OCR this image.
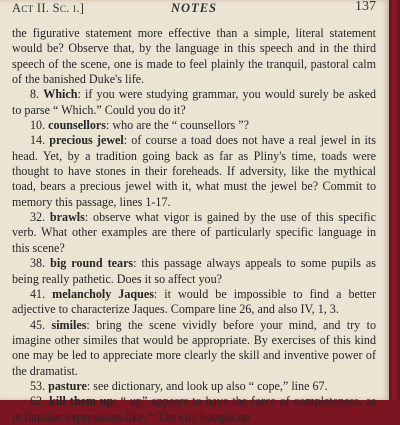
Act II. Sc. i.]	NOTES	137

the figurative statement more effective than a simple, literal statement would be? Observe that, by the language in this speech and in the third speech of the scene, one is made to feel plainly the tranquil, pastoral calm of the banished Duke's life.

8. Which: if you were studying grammar, you would surely be asked to parse “ Which.” Could you do it?

10. counsellors: who are the “ counsellors ”?

14. precious jewel: of course a toad does not have a real jewel in its head. Yet, by a tradition going back as far as Pliny's time, toads were thought to have stones in their foreheads. If adversity, like the mythical toad, bears a precious jewel with it, what must the jewel be? Commit to memory this passage, lines 1-17.

32. brawls: observe what vigor is gained by the use of this specific verb. What other examples are there of particularly specific language in this scene?

38. big round tears: this passage always appeals to some pupils as being really pathetic. Does it so affect you?

41. melancholy Jaques: it would be impossible to find a better adjective to characterize Jaques. Compare line 26, and also IV, 1, 3.

45. similes: bring the scene vividly before your mind, and try to imagine other similes that would be appropriate. By exercises of this kind one may be led to appreciate more clearly the skill and inventive power of the dramatist.

53. pasture: see dictionary, and look up also “ cope,” line 67.

62. kill them up: “ up” appears to have the force of completeness, as in familiar expressions like, “ The city bought up
